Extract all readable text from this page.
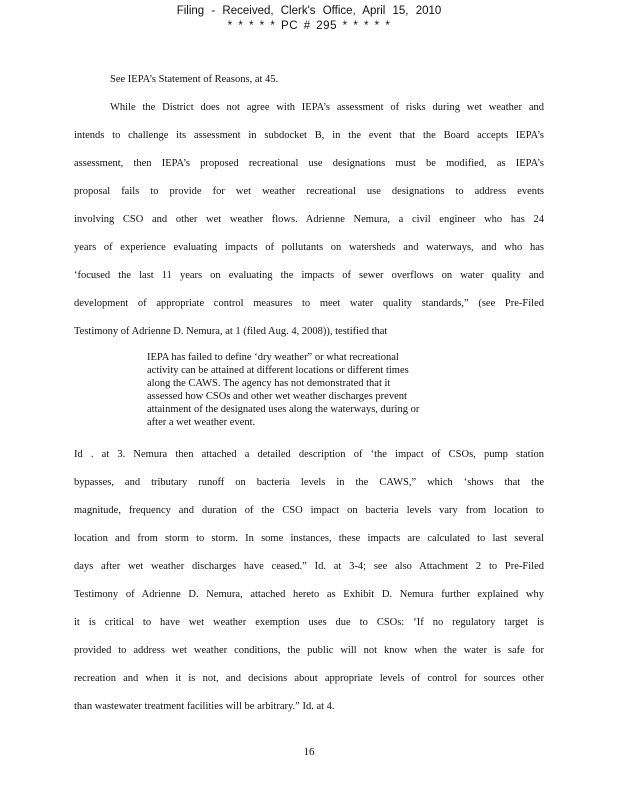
Filing - Received, Clerk's Office, April 15, 2010
* * * * * PC # 295 * * * * *
See IEPA’s Statement of Reasons, at 45.
While the District does not agree with IEPA’s assessment of risks during wet weather and
intends to challenge its assessment in subdocket B, in the event that the Board accepts IEPA’s
assessment, then IEPA’s proposed recreational use designations must be modified, as IEPA’s
proposal fails to provide for wet weather recreational use designations to address events
involving CSO and other wet weather flows. Adrienne Nemura, a civil engineer who has 24
years of experience evaluating impacts of pollutants on watersheds and waterways, and who has
‘focused the last 11 years on evaluating the impacts of sewer overflows on water quality and
development of appropriate control measures to meet water quality standards,” (see Pre-Filed
Testimony of Adrienne D. Nemura, at 1 (filed Aug. 4, 2008)), testified that
IEPA has failed to define ‘dry weather” or what recreational
activity can be attained at different locations or different times
along the CAWS. The agency has not demonstrated that it
assessed how CSOs and other wet weather discharges prevent
attainment of the designated uses along the waterways, during or
after a wet weather event.
Id . at 3. Nemura then attached a detailed description of ‘the impact of CSOs, pump station
bypasses, and tributary runoff on bacteria levels in the CAWS,” which ‘shows that the
magnitude, frequency and duration of the CSO impact on bacteria levels vary from location to
location and from storm to storm. In some instances, these impacts are calculated to last several
days after wet weather discharges have ceased.” Id. at 3-4; see also Attachment 2 to Pre-Filed
Testimony of Adrienne D. Nemura, attached hereto as Exhibit D. Nemura further explained why
it is critical to have wet weather exemption uses due to CSOs: ‘If no regulatory target is
provided to address wet weather conditions, the public will not know when the water is safe for
recreation and when it is not, and decisions about appropriate levels of control for sources other
than wastewater treatment facilities will be arbitrary.” Id. at 4.
16
